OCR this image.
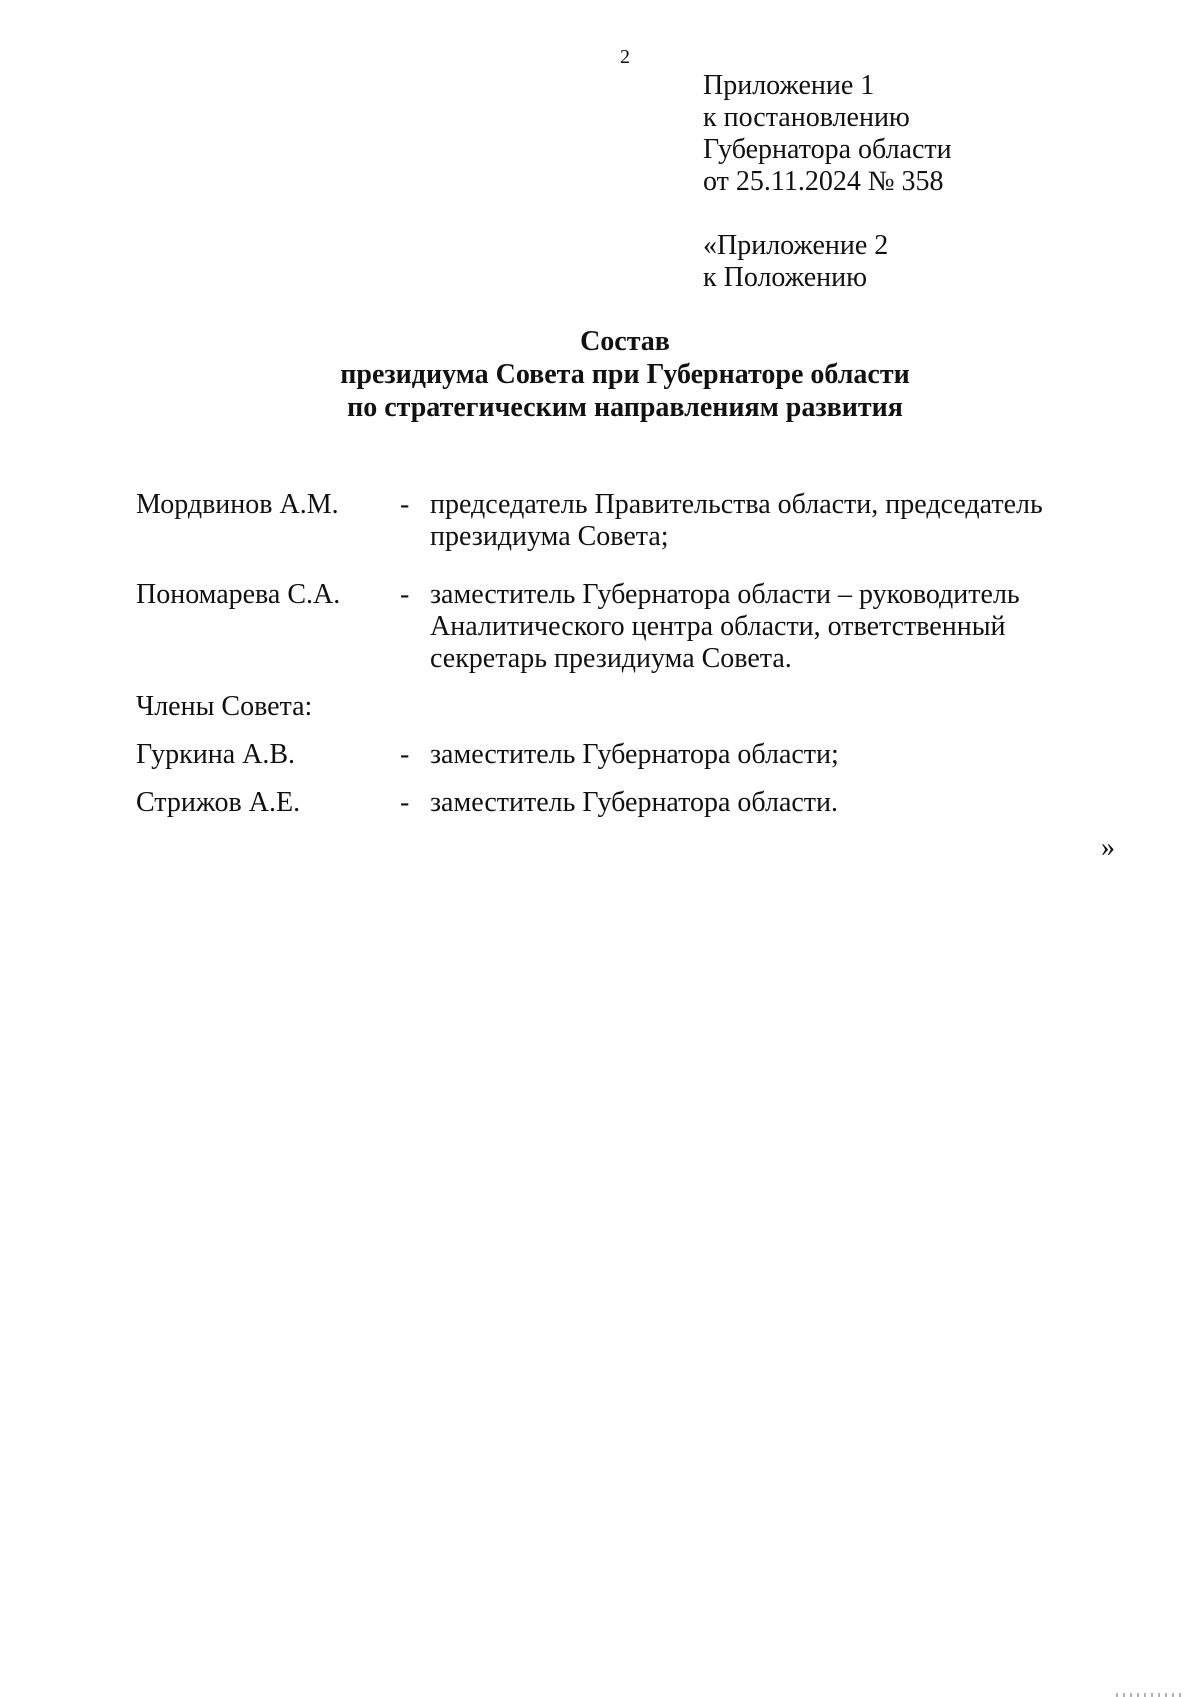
2
Приложение 1
к постановлению
Губернатора области
от 25.11.2024 № 358
«Приложение 2
к Положению
Состав
президиума Совета при Губернаторе области
по стратегическим направлениям развития
Мордвинов А.М.	- председатель Правительства области, председатель
президиума Совета;
Пономарева С.А.	- заместитель Губернатора области – руководитель
Аналитического центра области, ответственный
секретарь президиума Совета.
Члены Совета:
Гуркина А.В.	- заместитель Губернатора области;
Стрижов А.Е.	- заместитель Губернатора области.
»
